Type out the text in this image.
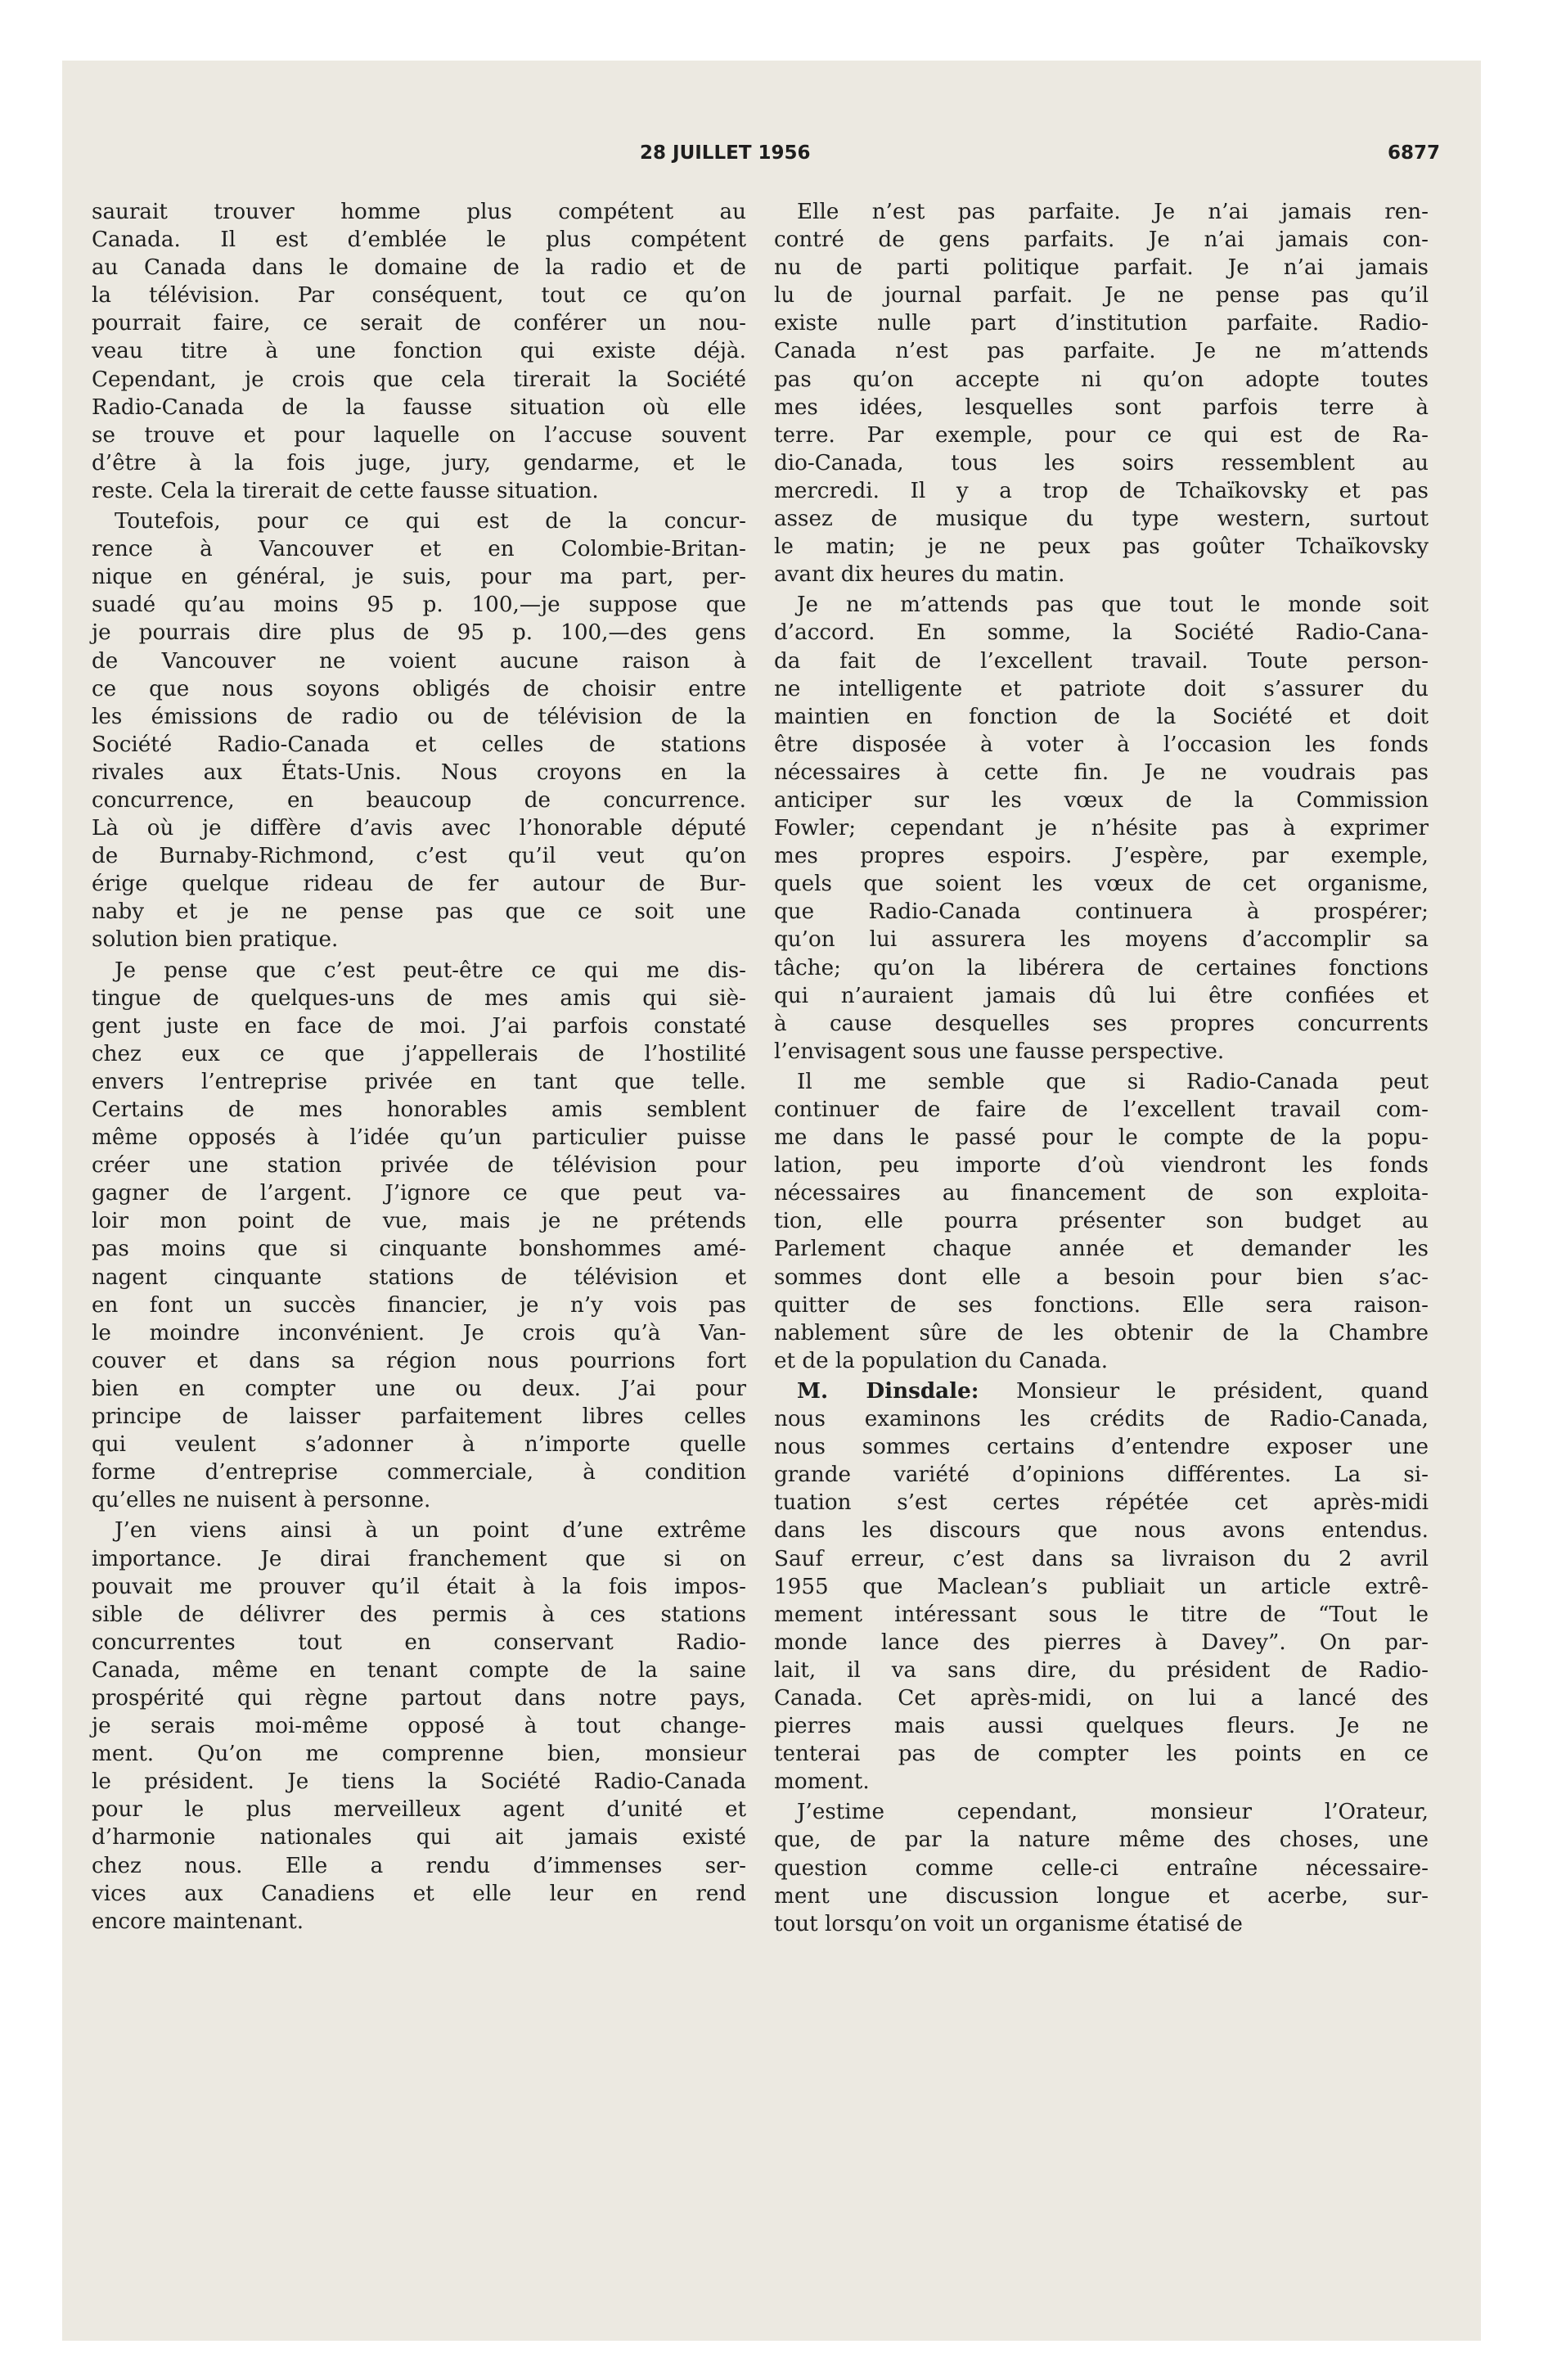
28 JUILLET 1956	6877

saurait trouver homme plus compétent au
Canada. Il est d’emblée le plus compétent
au Canada dans le domaine de la radio et de
la télévision. Par conséquent, tout ce qu’on
pourrait faire, ce serait de conférer un nou-
veau titre à une fonction qui existe déjà.
Cependant, je crois que cela tirerait la Société
Radio-Canada de la fausse situation où elle
se trouve et pour laquelle on l’accuse souvent
d’être à la fois juge, jury, gendarme, et le
reste. Cela la tirerait de cette fausse situation.

Toutefois, pour ce qui est de la concur-
rence à Vancouver et en Colombie-Britan-
nique en général, je suis, pour ma part, per-
suadé qu’au moins 95 p. 100,—je suppose que
je pourrais dire plus de 95 p. 100,—des gens
de Vancouver ne voient aucune raison à
ce que nous soyons obligés de choisir entre
les émissions de radio ou de télévision de la
Société Radio-Canada et celles de stations
rivales aux États-Unis. Nous croyons en la
concurrence, en beaucoup de concurrence.
Là où je diffère d’avis avec l’honorable député
de Burnaby-Richmond, c’est qu’il veut qu’on
érige quelque rideau de fer autour de Bur-
naby et je ne pense pas que ce soit une
solution bien pratique.

Je pense que c’est peut-être ce qui me dis-
tingue de quelques-uns de mes amis qui siè-
gent juste en face de moi. J’ai parfois constaté
chez eux ce que j’appellerais de l’hostilité
envers l’entreprise privée en tant que telle.
Certains de mes honorables amis semblent
même opposés à l’idée qu’un particulier puisse
créer une station privée de télévision pour
gagner de l’argent. J’ignore ce que peut va-
loir mon point de vue, mais je ne prétends
pas moins que si cinquante bonshommes amé-
nagent cinquante stations de télévision et
en font un succès financier, je n’y vois pas
le moindre inconvénient. Je crois qu’à Van-
couver et dans sa région nous pourrions fort
bien en compter une ou deux. J’ai pour
principe de laisser parfaitement libres celles
qui veulent s’adonner à n’importe quelle
forme d’entreprise commerciale, à condition
qu’elles ne nuisent à personne.

J’en viens ainsi à un point d’une extrême
importance. Je dirai franchement que si on
pouvait me prouver qu’il était à la fois impos-
sible de délivrer des permis à ces stations
concurrentes tout en conservant Radio-
Canada, même en tenant compte de la saine
prospérité qui règne partout dans notre pays,
je serais moi-même opposé à tout change-
ment. Qu’on me comprenne bien, monsieur
le président. Je tiens la Société Radio-Canada
pour le plus merveilleux agent d’unité et
d’harmonie nationales qui ait jamais existé
chez nous. Elle a rendu d’immenses ser-
vices aux Canadiens et elle leur en rend
encore maintenant.

Elle n’est pas parfaite. Je n’ai jamais ren-
contré de gens parfaits. Je n’ai jamais con-
nu de parti politique parfait. Je n’ai jamais
lu de journal parfait. Je ne pense pas qu’il
existe nulle part d’institution parfaite. Radio-
Canada n’est pas parfaite. Je ne m’attends
pas qu’on accepte ni qu’on adopte toutes
mes idées, lesquelles sont parfois terre à
terre. Par exemple, pour ce qui est de Ra-
dio-Canada, tous les soirs ressemblent au
mercredi. Il y a trop de Tchaïkovsky et pas
assez de musique du type western, surtout
le matin; je ne peux pas goûter Tchaïkovsky
avant dix heures du matin.

Je ne m’attends pas que tout le monde soit
d’accord. En somme, la Société Radio-Cana-
da fait de l’excellent travail. Toute person-
ne intelligente et patriote doit s’assurer du
maintien en fonction de la Société et doit
être disposée à voter à l’occasion les fonds
nécessaires à cette fin. Je ne voudrais pas
anticiper sur les vœux de la Commission
Fowler; cependant je n’hésite pas à exprimer
mes propres espoirs. J’espère, par exemple,
quels que soient les vœux de cet organisme,
que Radio-Canada continuera à prospérer;
qu’on lui assurera les moyens d’accomplir sa
tâche; qu’on la libérera de certaines fonctions
qui n’auraient jamais dû lui être confiées et
à cause desquelles ses propres concurrents
l’envisagent sous une fausse perspective.

Il me semble que si Radio-Canada peut
continuer de faire de l’excellent travail com-
me dans le passé pour le compte de la popu-
lation, peu importe d’où viendront les fonds
nécessaires au financement de son exploita-
tion, elle pourra présenter son budget au
Parlement chaque année et demander les
sommes dont elle a besoin pour bien s’ac-
quitter de ses fonctions. Elle sera raison-
nablement sûre de les obtenir de la Chambre
et de la population du Canada.

M. Dinsdale: Monsieur le président, quand
nous examinons les crédits de Radio-Canada,
nous sommes certains d’entendre exposer une
grande variété d’opinions différentes. La si-
tuation s’est certes répétée cet après-midi
dans les discours que nous avons entendus.
Sauf erreur, c’est dans sa livraison du 2 avril
1955 que Maclean’s publiait un article extrê-
mement intéressant sous le titre de “Tout le
monde lance des pierres à Davey”. On par-
lait, il va sans dire, du président de Radio-
Canada. Cet après-midi, on lui a lancé des
pierres mais aussi quelques fleurs. Je ne
tenterai pas de compter les points en ce
moment.

J’estime cependant, monsieur l’Orateur,
que, de par la nature même des choses, une
question comme celle-ci entraîne nécessaire-
ment une discussion longue et acerbe, sur-
tout lorsqu’on voit un organisme étatisé de
